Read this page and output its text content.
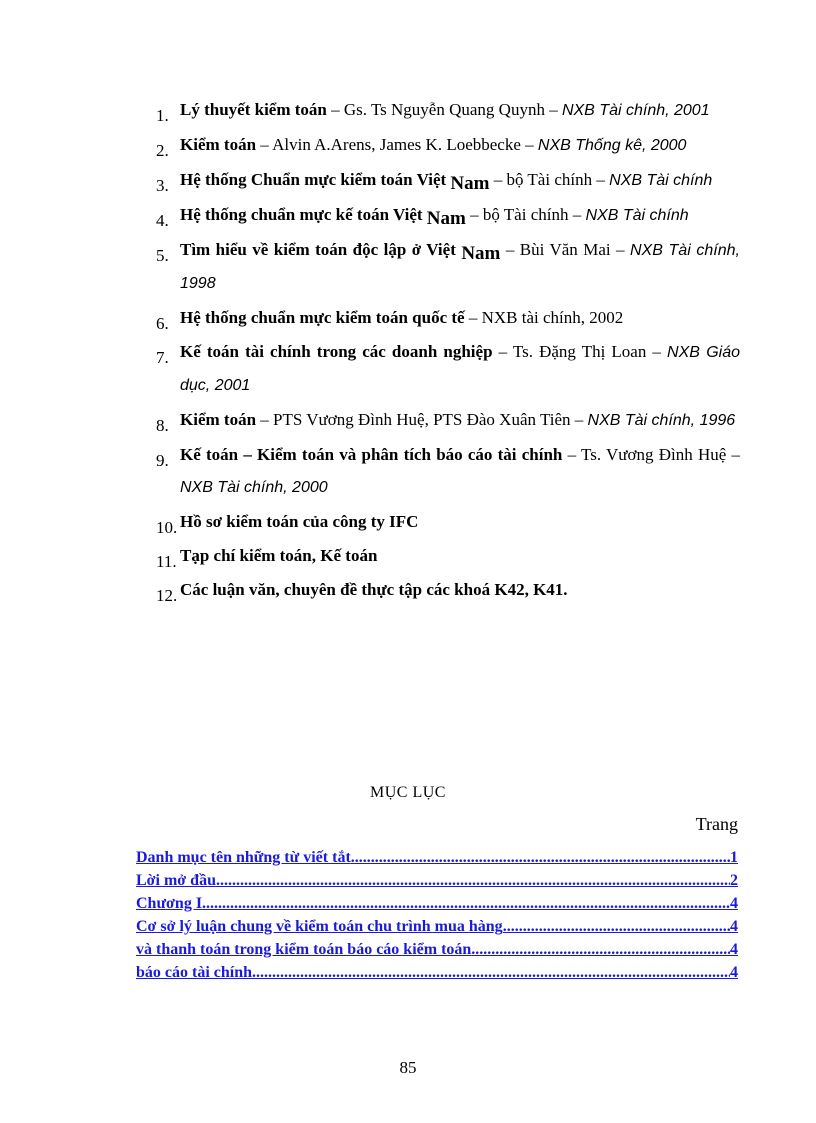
1. Lý thuyết kiểm toán – Gs. Ts Nguyễn Quang Quynh – NXB Tài chính, 2001
2. Kiểm toán – Alvin A.Arens, James K. Loebbecke – NXB Thống kê, 2000
3. Hệ thống Chuẩn mực kiểm toán Việt Nam – bộ Tài chính – NXB Tài chính
4. Hệ thống chuẩn mực kế toán Việt Nam – bộ Tài chính – NXB Tài chính
5. Tìm hiểu về kiểm toán độc lập ở Việt Nam – Bùi Văn Mai – NXB Tài chính, 1998
6. Hệ thống chuẩn mực kiểm toán quốc tế – NXB tài chính, 2002
7. Kế toán tài chính trong các doanh nghiệp – Ts. Đặng Thị Loan – NXB Giáo dục, 2001
8. Kiểm toán – PTS Vương Đình Huệ, PTS Đào Xuân Tiên – NXB Tài chính, 1996
9. Kế toán – Kiểm toán và phân tích báo cáo tài chính – Ts. Vương Đình Huệ – NXB Tài chính, 2000
10. Hồ sơ kiểm toán của công ty IFC
11. Tạp chí kiểm toán, Kế toán
12. Các luận văn, chuyên đề thực tập các khoá K42, K41.
MỤC LỤC
Trang
Danh mục tên những từ viết tắt .....	1
Lời mở đầu .....	2
Chương I .....	4
Cơ sở lý luận chung về kiểm toán chu trình mua hàng .....	4
và thanh toán trong kiểm toán báo cáo kiểm toán .....	4
báo cáo tài chính .....	4
85
